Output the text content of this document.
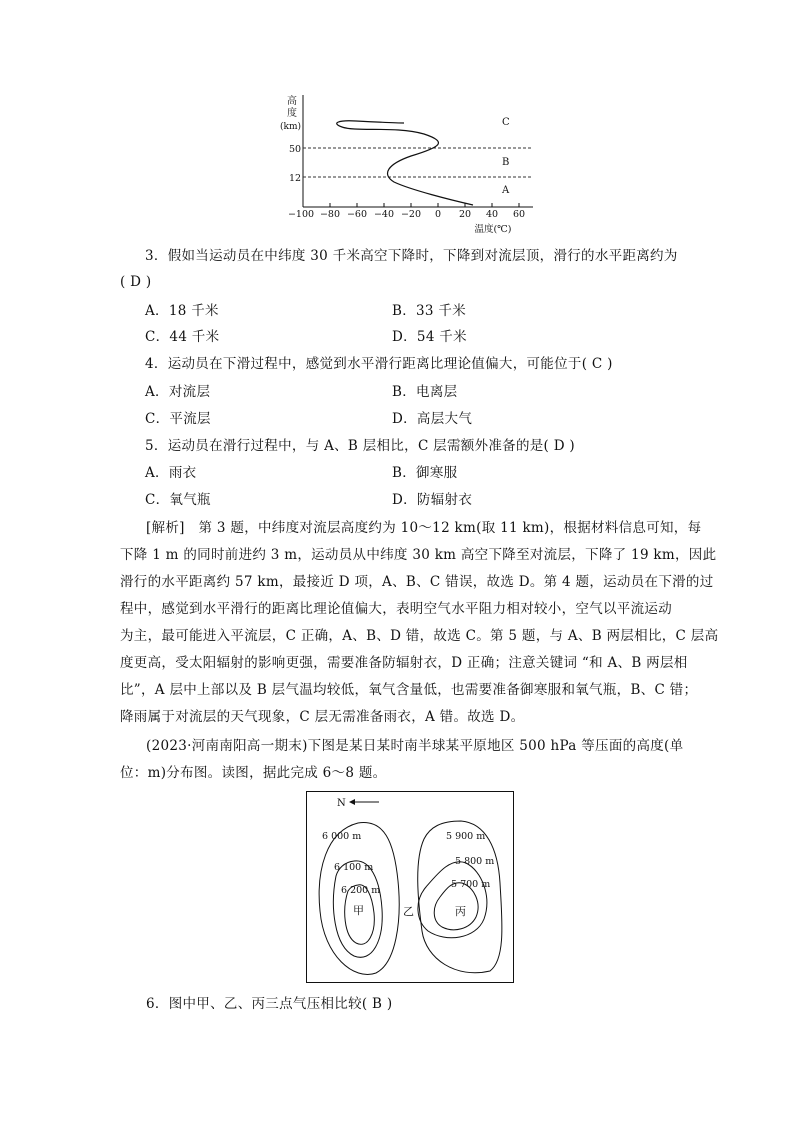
高
度
(km)
50
12
C
B
A
−100 −80 −60 −40 −20 0 20 40 60
温度(℃)
3．假如当运动员在中纬度 30 千米高空下降时，下降到对流层顶，滑行的水平距离约为
( D )
A．18 千米	B．33 千米
C．44 千米	D．54 千米
4．运动员在下滑过程中，感觉到水平滑行距离比理论值偏大，可能位于( C )
A．对流层	B．电离层
C．平流层	D．高层大气
5．运动员在滑行过程中，与 A、B 层相比，C 层需额外准备的是( D )
A．雨衣	B．御寒服
C．氧气瓶	D．防辐射衣
[解析]　第 3 题，中纬度对流层高度约为 10～12 km(取 11 km)，根据材料信息可知，每
下降 1 m 的同时前进约 3 m，运动员从中纬度 30 km 高空下降至对流层，下降了 19 km，因此
滑行的水平距离约 57 km，最接近 D 项，A、B、C 错误，故选 D。第 4 题，运动员在下滑的过
程中，感觉到水平滑行的距离比理论值偏大，表明空气水平阻力相对较小，空气以平流运动
为主，最可能进入平流层，C 正确，A、B、D 错，故选 C。第 5 题，与 A、B 两层相比，C 层高
度更高，受太阳辐射的影响更强，需要准备防辐射衣，D 正确；注意关键词 “和 A、B 两层相
比”，A 层中上部以及 B 层气温均较低，氧气含量低，也需要准备御寒服和氧气瓶，B、C 错；
降雨属于对流层的天气现象，C 层无需准备雨衣，A 错。故选 D。
(2023·河南南阳高一期末)下图是某日某时南半球某平原地区 500 hPa 等压面的高度(单
位：m)分布图。读图，据此完成 6～8 题。
N
6 000 m
6 100 m
6 200 m
5 900 m
5 800 m
5 700 m
甲	乙	丙
6．图中甲、乙、丙三点气压相比较( B )
